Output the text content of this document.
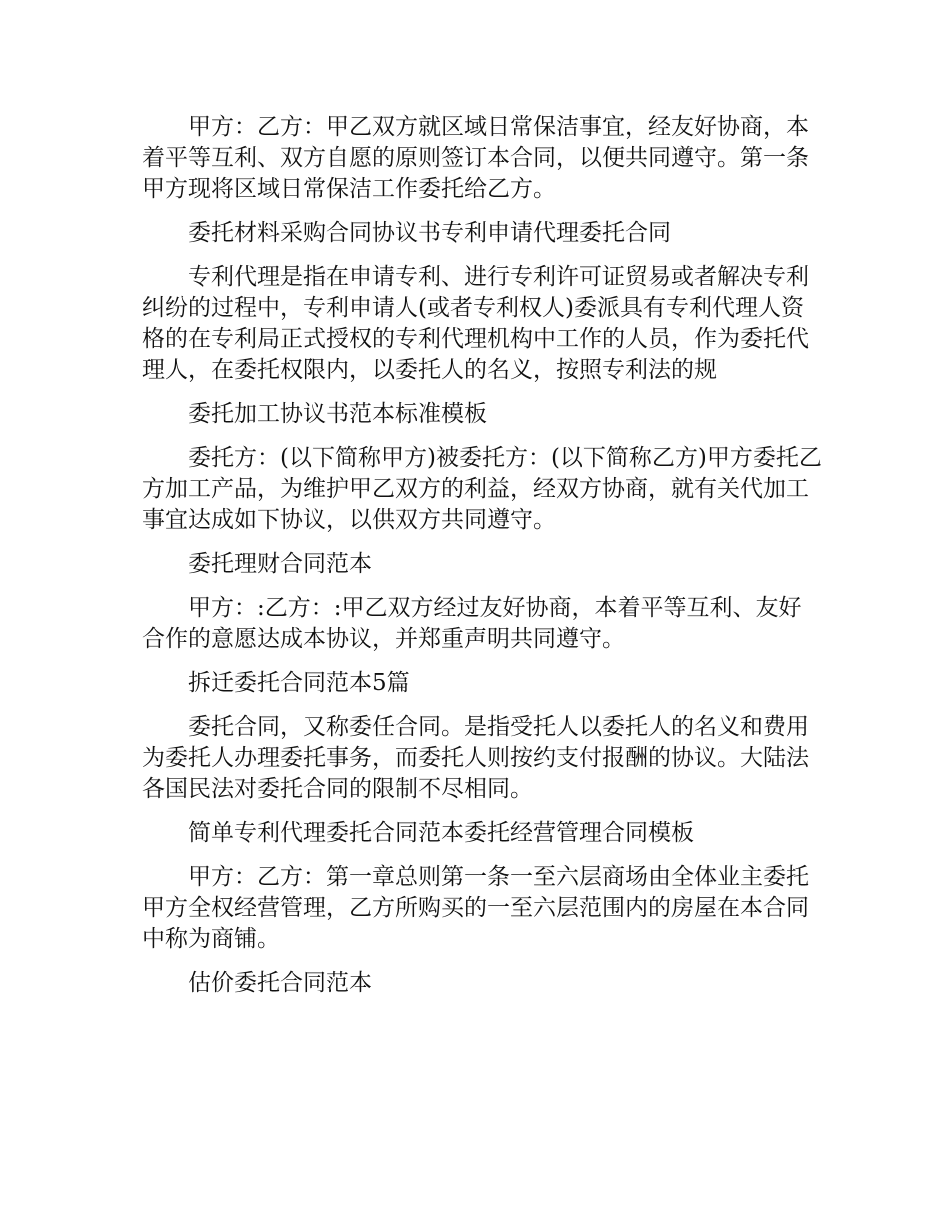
甲方：乙方：甲乙双方就区域日常保洁事宜，经友好协商，本着平等互利、双方自愿的原则签订本合同，以便共同遵守。第一条甲方现将区域日常保洁工作委托给乙方。

委托材料采购合同协议书专利申请代理委托合同

专利代理是指在申请专利、进行专利许可证贸易或者解决专利纠纷的过程中，专利申请人(或者专利权人)委派具有专利代理人资格的在专利局正式授权的专利代理机构中工作的人员，作为委托代理人，在委托权限内，以委托人的名义，按照专利法的规

委托加工协议书范本标准模板

委托方：(以下简称甲方)被委托方：(以下简称乙方)甲方委托乙方加工产品，为维护甲乙双方的利益，经双方协商，就有关代加工事宜达成如下协议，以供双方共同遵守。

委托理财合同范本

甲方：:乙方：:甲乙双方经过友好协商，本着平等互利、友好合作的意愿达成本协议，并郑重声明共同遵守。

拆迁委托合同范本5篇

委托合同，又称委任合同。是指受托人以委托人的名义和费用为委托人办理委托事务，而委托人则按约支付报酬的协议。大陆法各国民法对委托合同的限制不尽相同。

简单专利代理委托合同范本委托经营管理合同模板

甲方：乙方：第一章总则第一条一至六层商场由全体业主委托甲方全权经营管理，乙方所购买的一至六层范围内的房屋在本合同中称为商铺。

估价委托合同范本
